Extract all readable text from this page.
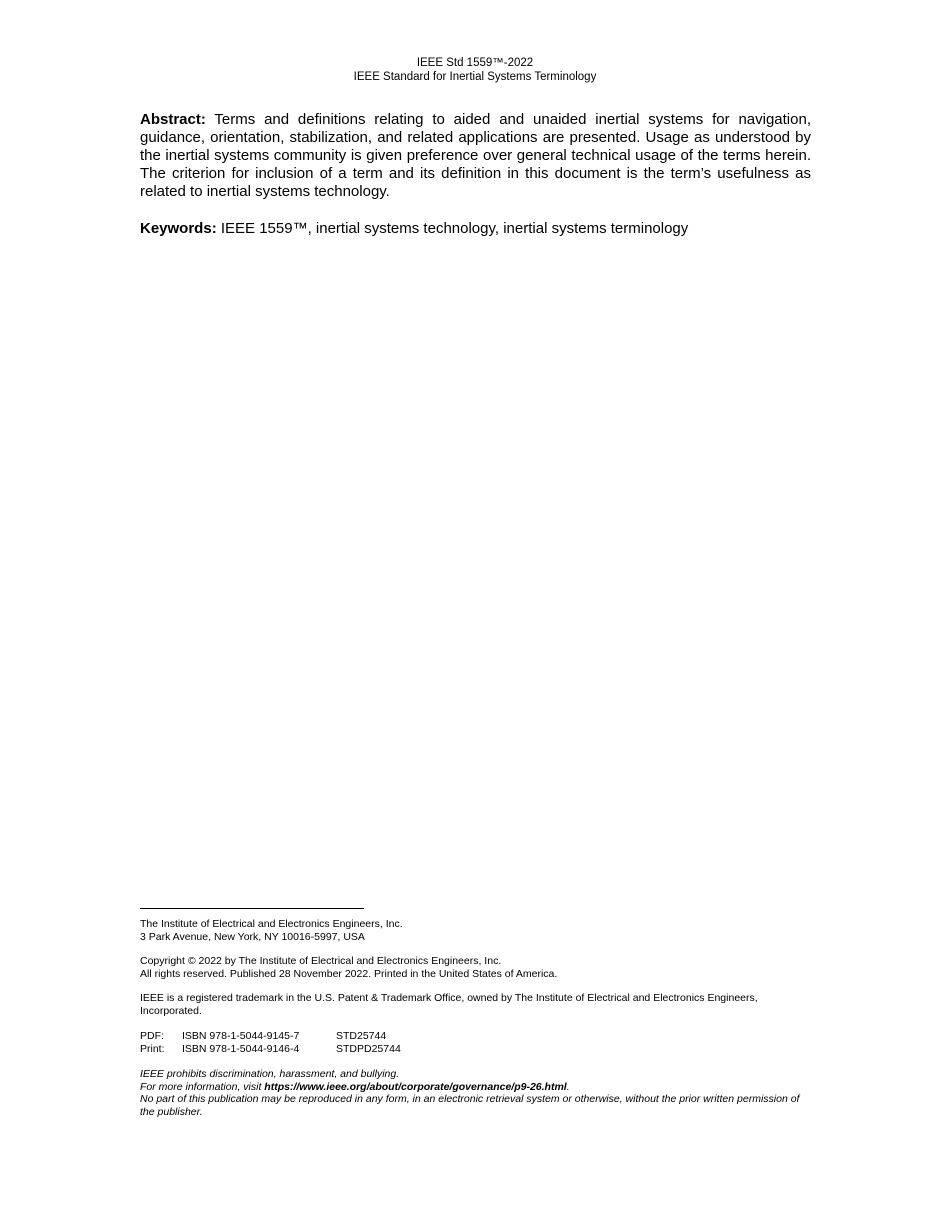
IEEE Std 1559™-2022
IEEE Standard for Inertial Systems Terminology

Abstract: Terms and definitions relating to aided and unaided inertial systems for navigation, guidance, orientation, stabilization, and related applications are presented. Usage as understood by the inertial systems community is given preference over general technical usage of the terms herein. The criterion for inclusion of a term and its definition in this document is the term’s usefulness as related to inertial systems technology.

Keywords: IEEE 1559™, inertial systems technology, inertial systems terminology

The Institute of Electrical and Electronics Engineers, Inc.
3 Park Avenue, New York, NY 10016-5997, USA
Copyright © 2022 by The Institute of Electrical and Electronics Engineers, Inc.
All rights reserved. Published 28 November 2022. Printed in the United States of America.
IEEE is a registered trademark in the U.S. Patent & Trademark Office, owned by The Institute of Electrical and Electronics Engineers, Incorporated.
PDF:	ISBN 978-1-5044-9145-7	STD25744
Print:	ISBN 978-1-5044-9146-4	STDPD25744
IEEE prohibits discrimination, harassment, and bullying.
For more information, visit https://www.ieee.org/about/corporate/governance/p9-26.html.
No part of this publication may be reproduced in any form, in an electronic retrieval system or otherwise, without the prior written permission of the publisher.
